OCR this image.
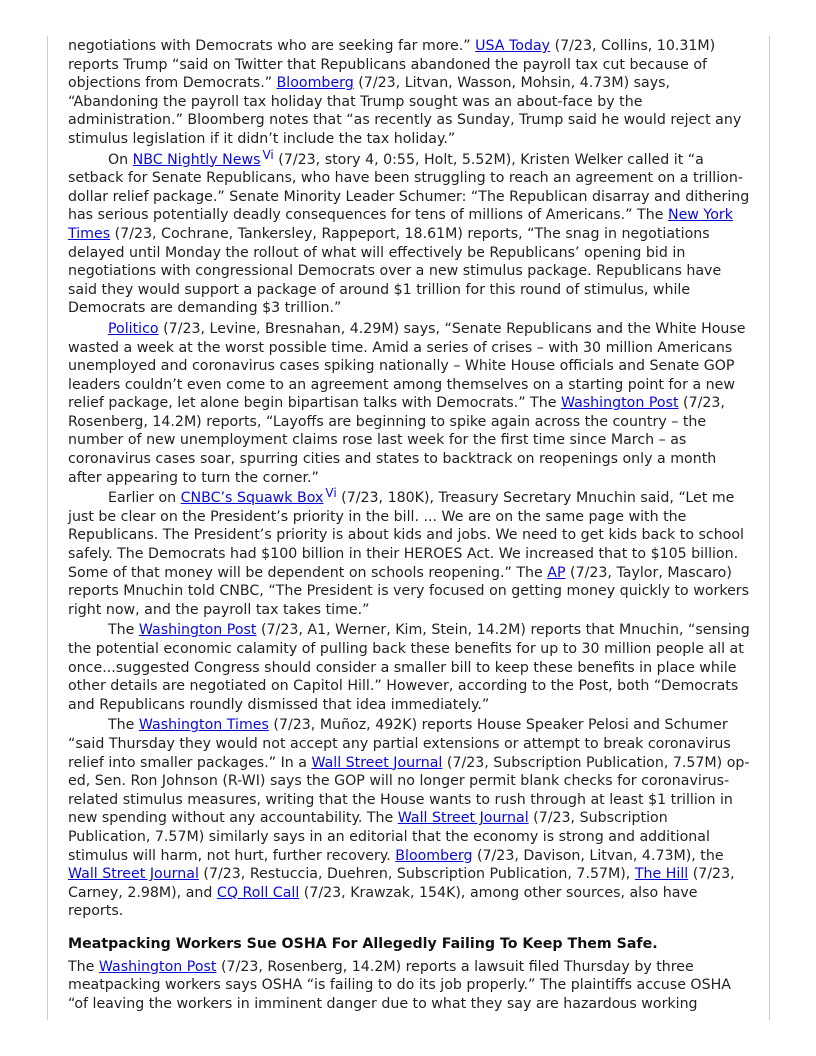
negotiations with Democrats who are seeking far more.” USA Today (7/23, Collins, 10.31M) reports Trump “said on Twitter that Republicans abandoned the payroll tax cut because of objections from Democrats.” Bloomberg (7/23, Litvan, Wasson, Mohsin, 4.73M) says, “Abandoning the payroll tax holiday that Trump sought was an about-face by the administration.” Bloomberg notes that “as recently as Sunday, Trump said he would reject any stimulus legislation if it didn’t include the tax holiday.”

On NBC Nightly News $^{Vi}$ (7/23, story 4, 0:55, Holt, 5.52M), Kristen Welker called it “a setback for Senate Republicans, who have been struggling to reach an agreement on a trillion-dollar relief package.” Senate Minority Leader Schumer: “The Republican disarray and dithering has serious potentially deadly consequences for tens of millions of Americans.” The New York Times (7/23, Cochrane, Tankersley, Rappeport, 18.61M) reports, “The snag in negotiations delayed until Monday the rollout of what will effectively be Republicans’ opening bid in negotiations with congressional Democrats over a new stimulus package. Republicans have said they would support a package of around $1 trillion for this round of stimulus, while Democrats are demanding $3 trillion.”

Politico (7/23, Levine, Bresnahan, 4.29M) says, “Senate Republicans and the White House wasted a week at the worst possible time. Amid a series of crises – with 30 million Americans unemployed and coronavirus cases spiking nationally – White House officials and Senate GOP leaders couldn’t even come to an agreement among themselves on a starting point for a new relief package, let alone begin bipartisan talks with Democrats.” The Washington Post (7/23, Rosenberg, 14.2M) reports, “Layoffs are beginning to spike again across the country – the number of new unemployment claims rose last week for the first time since March – as coronavirus cases soar, spurring cities and states to backtrack on reopenings only a month after appearing to turn the corner.”

Earlier on CNBC’s Squawk Box $^{Vi}$ (7/23, 180K), Treasury Secretary Mnuchin said, “Let me just be clear on the President’s priority in the bill. ... We are on the same page with the Republicans. The President’s priority is about kids and jobs. We need to get kids back to school safely. The Democrats had $100 billion in their HEROES Act. We increased that to $105 billion. Some of that money will be dependent on schools reopening.” The AP (7/23, Taylor, Mascaro) reports Mnuchin told CNBC, “The President is very focused on getting money quickly to workers right now, and the payroll tax takes time.”

The Washington Post (7/23, A1, Werner, Kim, Stein, 14.2M) reports that Mnuchin, “sensing the potential economic calamity of pulling back these benefits for up to 30 million people all at once...suggested Congress should consider a smaller bill to keep these benefits in place while other details are negotiated on Capitol Hill.” However, according to the Post, both “Democrats and Republicans roundly dismissed that idea immediately.”

The Washington Times (7/23, Muñoz, 492K) reports House Speaker Pelosi and Schumer “said Thursday they would not accept any partial extensions or attempt to break coronavirus relief into smaller packages.” In a Wall Street Journal (7/23, Subscription Publication, 7.57M) op-ed, Sen. Ron Johnson (R-WI) says the GOP will no longer permit blank checks for coronavirus-related stimulus measures, writing that the House wants to rush through at least $1 trillion in new spending without any accountability. The Wall Street Journal (7/23, Subscription Publication, 7.57M) similarly says in an editorial that the economy is strong and additional stimulus will harm, not hurt, further recovery. Bloomberg (7/23, Davison, Litvan, 4.73M), the Wall Street Journal (7/23, Restuccia, Duehren, Subscription Publication, 7.57M), The Hill (7/23, Carney, 2.98M), and CQ Roll Call (7/23, Krawzak, 154K), among other sources, also have reports.

Meatpacking Workers Sue OSHA For Allegedly Failing To Keep Them Safe.

The Washington Post (7/23, Rosenberg, 14.2M) reports a lawsuit filed Thursday by three meatpacking workers says OSHA “is failing to do its job properly.” The plaintiffs accuse OSHA “of leaving the workers in imminent danger due to what they say are hazardous working
